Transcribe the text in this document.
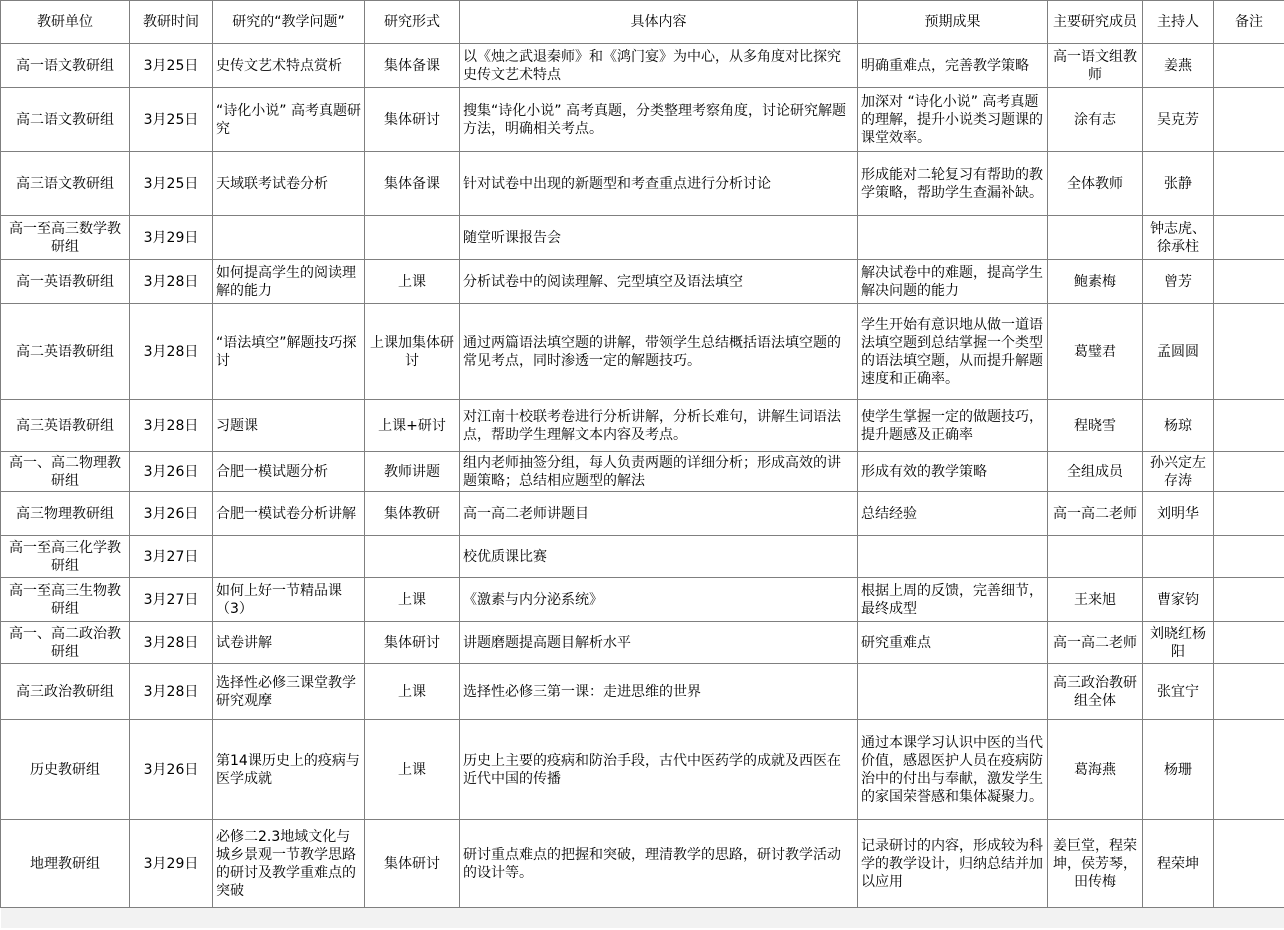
教研单位	教研时间	研究的“教学问题”	研究形式	具体内容	预期成果	主要研究成员	主持人	备注
高一语文教研组	3月25日	史传文艺术特点赏析	集体备课	以《烛之武退秦师》和《鸿门宴》为中心，从多角度对比探究史传文艺术特点	明确重难点，完善教学策略	高一语文组教师	姜燕	
高二语文教研组	3月25日	“诗化小说” 高考真题研究	集体研讨	搜集“诗化小说” 高考真题，分类整理考察角度，讨论研究解题方法，明确相关考点。	加深对 “诗化小说” 高考真题的理解，提升小说类习题课的课堂效率。	涂有志	吴克芳	
高三语文教研组	3月25日	天域联考试卷分析	集体备课	针对试卷中出现的新题型和考查重点进行分析讨论	形成能对二轮复习有帮助的教学策略，帮助学生查漏补缺。	全体教师	张静	
高一至高三数学教研组	3月29日			随堂听课报告会			钟志虎、徐承柱	
高一英语教研组	3月28日	如何提高学生的阅读理解的能力	上课	分析试卷中的阅读理解、完型填空及语法填空	解决试卷中的难题，提高学生解决问题的能力	鲍素梅	曾芳	
高二英语教研组	3月28日	“语法填空”解题技巧探讨	上课加集体研讨	通过两篇语法填空题的讲解，带领学生总结概括语法填空题的常见考点，同时渗透一定的解题技巧。	学生开始有意识地从做一道语法填空题到总结掌握一个类型的语法填空题，从而提升解题速度和正确率。	葛璧君	孟圆圆	
高三英语教研组	3月28日	习题课	上课+研讨	对江南十校联考卷进行分析讲解，分析长难句，讲解生词语法点，帮助学生理解文本内容及考点。	使学生掌握一定的做题技巧，提升题感及正确率	程晓雪	杨琼	
高一、高二物理教研组	3月26日	合肥一模试题分析	教师讲题	组内老师抽签分组，每人负责两题的详细分析；形成高效的讲题策略；总结相应题型的解法	形成有效的教学策略	全组成员	孙兴定左存涛	
高三物理教研组	3月26日	合肥一模试卷分析讲解	集体教研	高一高二老师讲题目	总结经验	高一高二老师	刘明华	
高一至高三化学教研组	3月27日			校优质课比赛				
高一至高三生物教研组	3月27日	如何上好一节精品课（3）	上课	《激素与内分泌系统》	根据上周的反馈，完善细节，最终成型	王来旭	曹家钧	
高一、高二政治教研组	3月28日	试卷讲解	集体研讨	讲题磨题提高题目解析水平	研究重难点	高一高二老师	刘晓红杨阳	
高三政治教研组	3月28日	选择性必修三课堂教学研究观摩	上课	选择性必修三第一课：走进思维的世界		高三政治教研组全体	张宜宁	
历史教研组	3月26日	第14课历史上的疫病与医学成就	上课	历史上主要的疫病和防治手段，古代中医药学的成就及西医在近代中国的传播	通过本课学习认识中医的当代价值，感恩医护人员在疫病防治中的付出与奉献，激发学生的家国荣誉感和集体凝聚力。	葛海燕	杨珊	
地理教研组	3月29日	必修二2.3地域文化与城乡景观一节教学思路的研讨及教学重难点的突破	集体研讨	研讨重点难点的把握和突破，理清教学的思路，研讨教学活动的设计等。	记录研讨的内容，形成较为科学的教学设计，归纳总结并加以应用	姜巨堂，程荣坤，侯芳琴，田传梅	程荣坤	
